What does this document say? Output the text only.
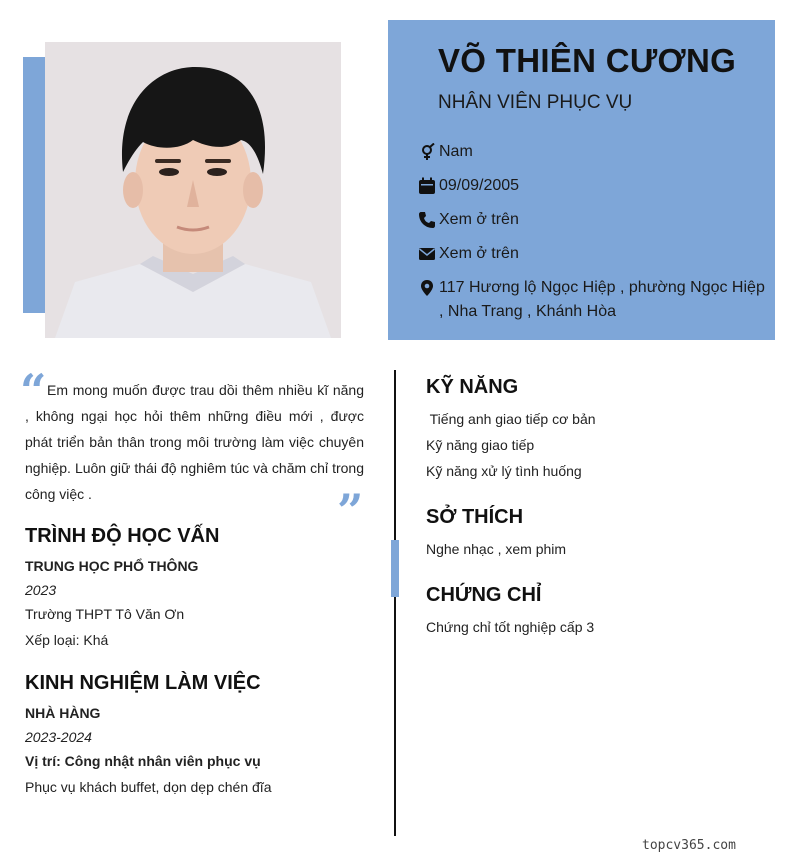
VÕ THIÊN CƯƠNG
NHÂN VIÊN PHỤC VỤ
Nam
09/09/2005
Xem ở trên
Xem ở trên
117 Hương lộ Ngọc Hiệp , phường Ngọc Hiệp , Nha Trang , Khánh Hòa
“ Em mong muốn được trau dồi thêm nhiều kĩ năng , không ngại học hỏi thêm những điều mới , được phát triển bản thân trong môi trường làm việc chuyên nghiệp. Luôn giữ thái độ nghiêm túc và chăm chỉ trong công việc .	”
TRÌNH ĐỘ HỌC VẤN
TRUNG HỌC PHỔ THÔNG
2023
Trường THPT Tô Văn Ơn
Xếp loại: Khá
KINH NGHIỆM LÀM VIỆC
NHÀ HÀNG
2023-2024
Vị trí: Công nhật nhân viên phục vụ
Phục vụ khách buffet, dọn dẹp chén đĩa
KỸ NĂNG
Tiếng anh giao tiếp cơ bản
Kỹ năng giao tiếp
Kỹ năng xử lý tình huống
SỞ THÍCH
Nghe nhạc , xem phim
CHỨNG CHỈ
Chứng chỉ tốt nghiệp cấp 3
topcv365.com
